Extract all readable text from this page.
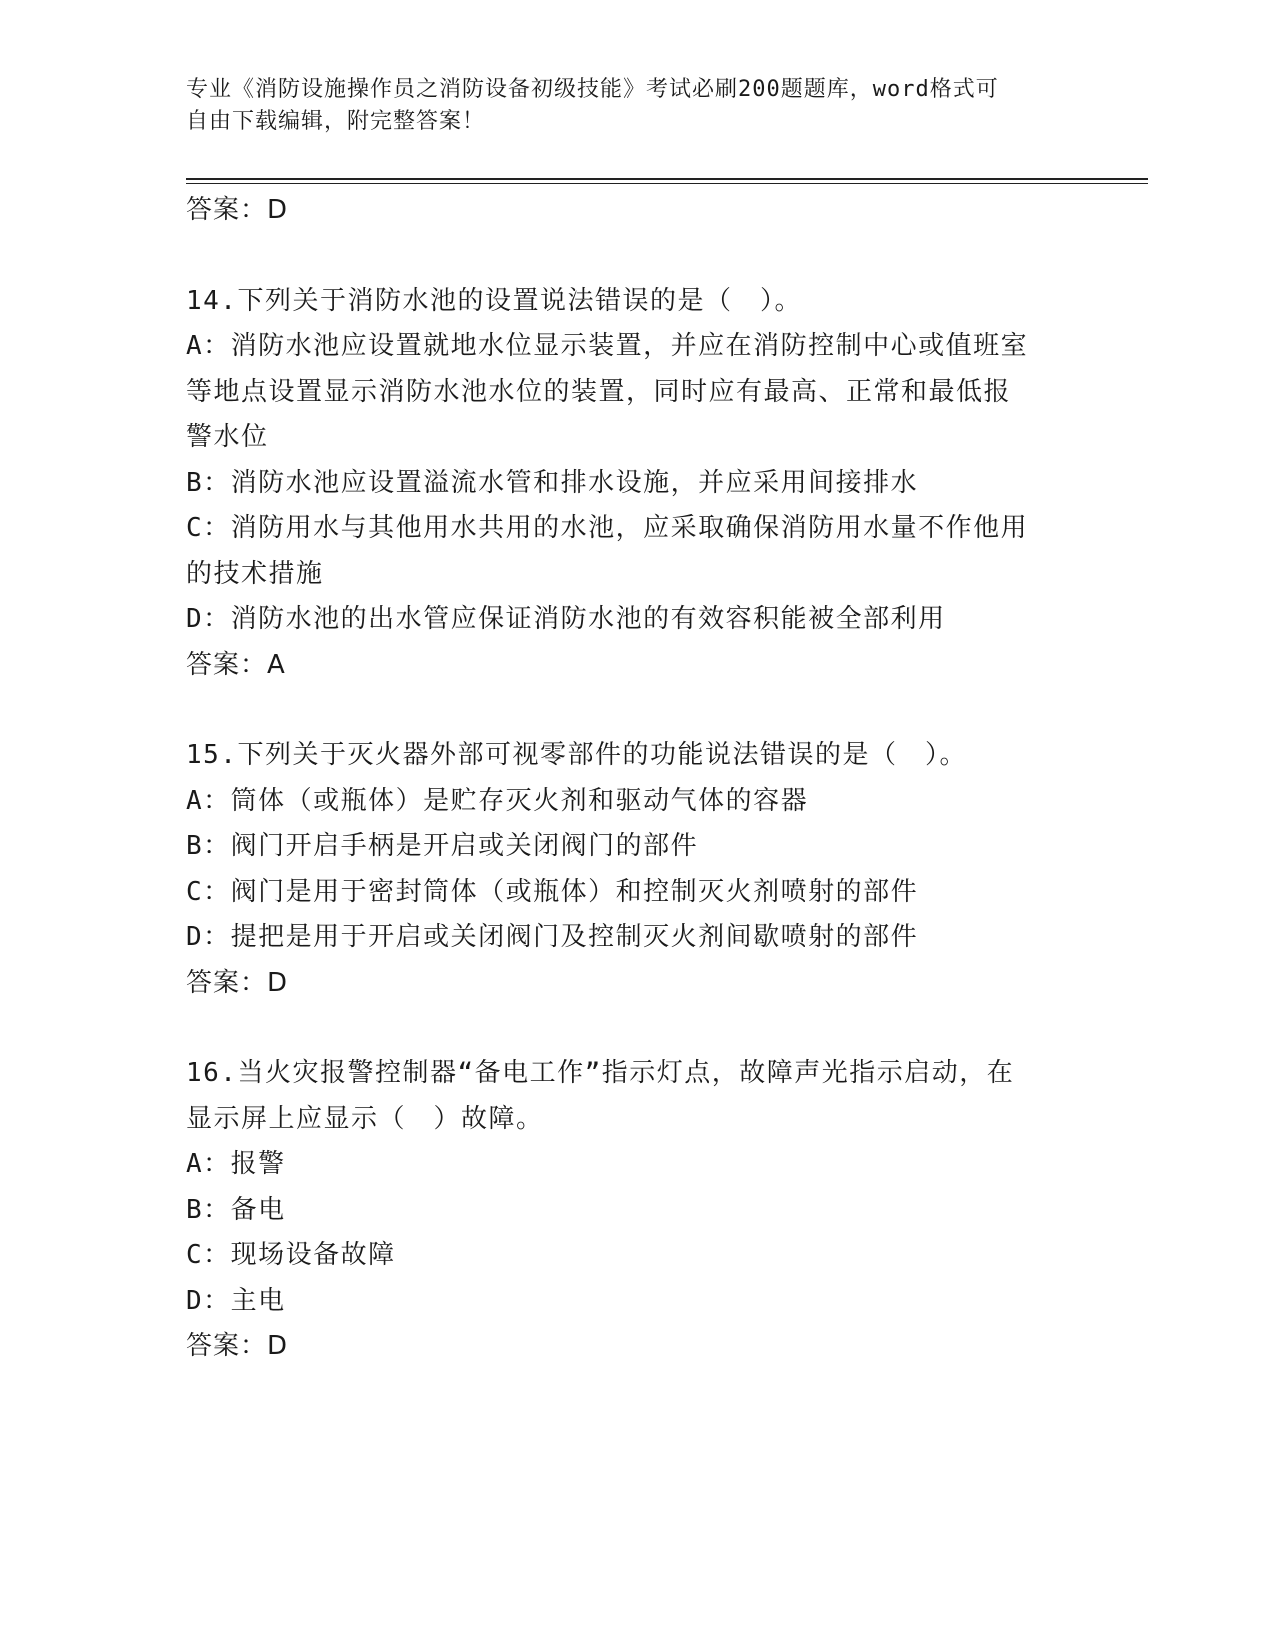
专业《消防设施操作员之消防设备初级技能》考试必刷200题题库，word格式可
自由下载编辑，附完整答案！
答案：D
14.下列关于消防水池的设置说法错误的是（　）。
A：消防水池应设置就地水位显示装置，并应在消防控制中心或值班室
等地点设置显示消防水池水位的装置，同时应有最高、正常和最低报
警水位
B：消防水池应设置溢流水管和排水设施，并应采用间接排水
C：消防用水与其他用水共用的水池，应采取确保消防用水量不作他用
的技术措施
D：消防水池的出水管应保证消防水池的有效容积能被全部利用
答案：A
15.下列关于灭火器外部可视零部件的功能说法错误的是（　）。
A：筒体（或瓶体）是贮存灭火剂和驱动气体的容器
B：阀门开启手柄是开启或关闭阀门的部件
C：阀门是用于密封筒体（或瓶体）和控制灭火剂喷射的部件
D：提把是用于开启或关闭阀门及控制灭火剂间歇喷射的部件
答案：D
16.当火灾报警控制器“备电工作”指示灯点，故障声光指示启动，在
显示屏上应显示（　）故障。
A：报警
B：备电
C：现场设备故障
D：主电
答案：D
